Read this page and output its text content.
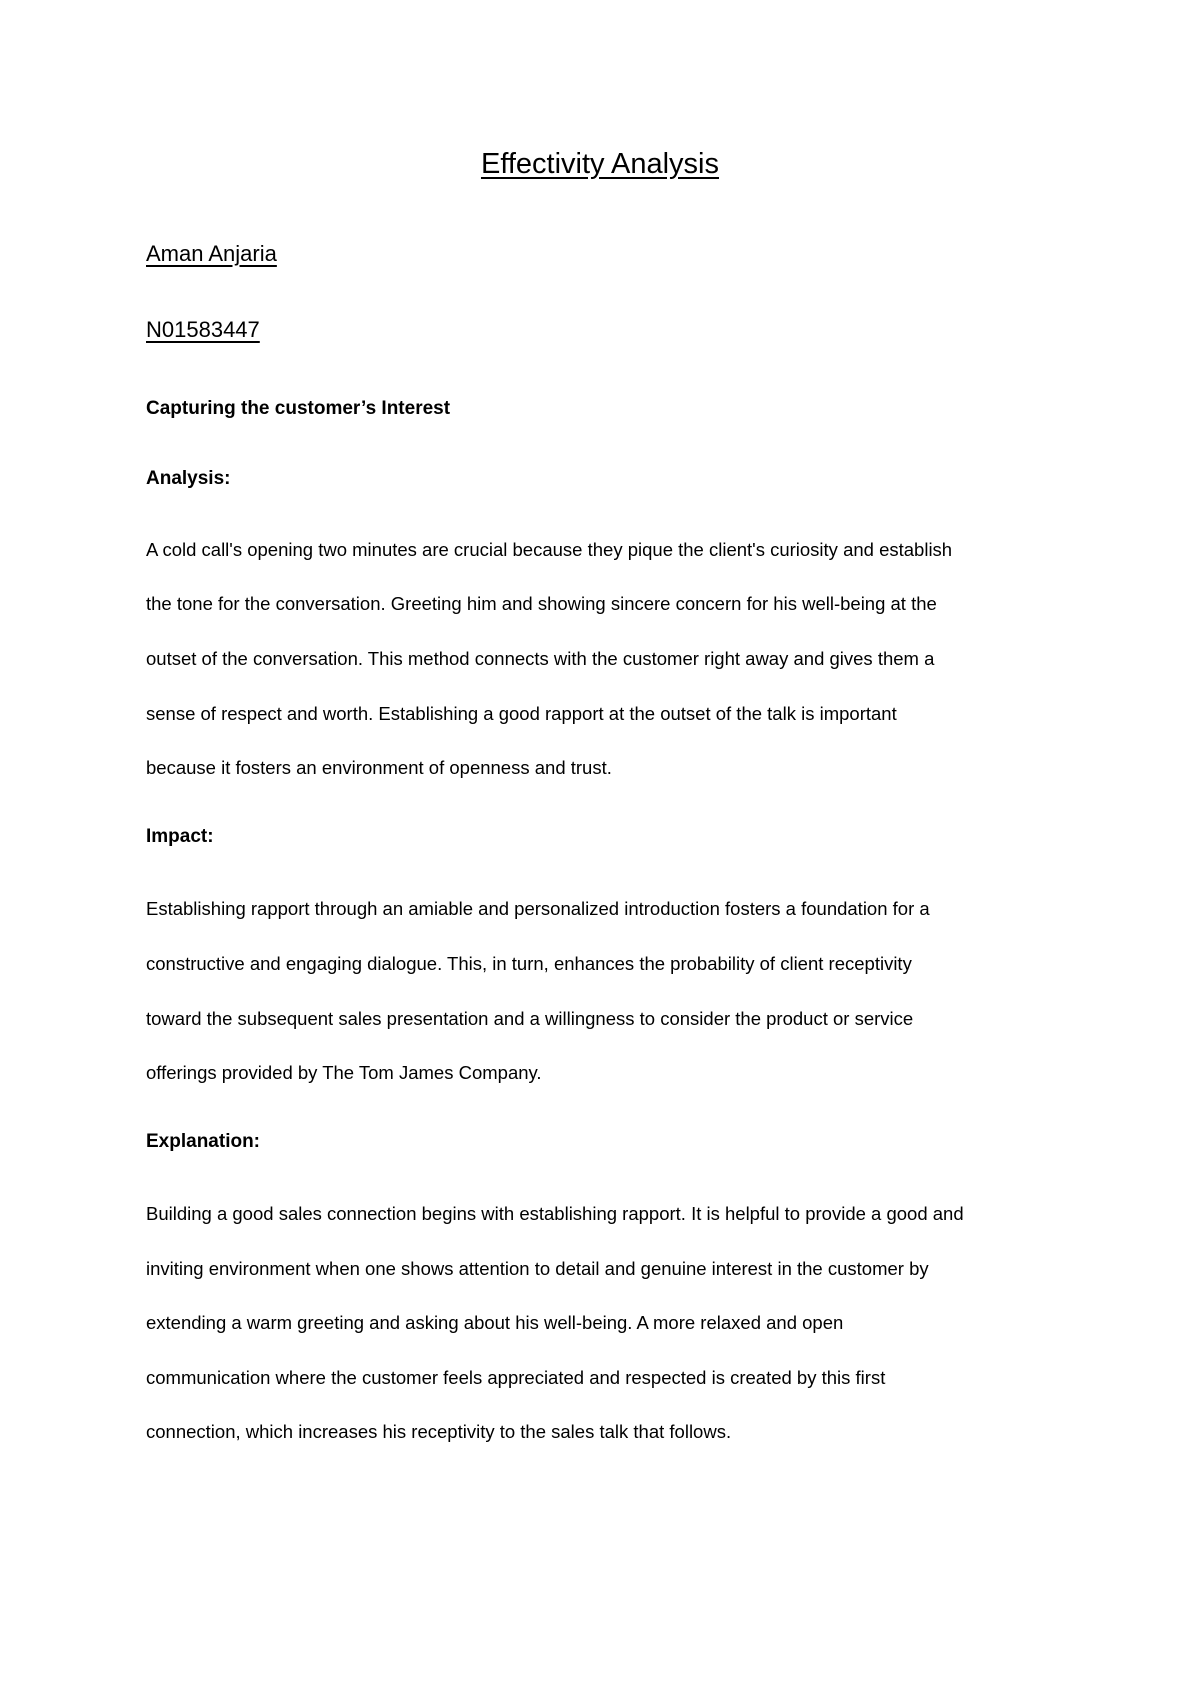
Effectivity Analysis

Aman Anjaria

N01583447

Capturing the customer’s Interest

Analysis:

A cold call's opening two minutes are crucial because they pique the client's curiosity and establish

the tone for the conversation. Greeting him and showing sincere concern for his well-being at the

outset of the conversation. This method connects with the customer right away and gives them a

sense of respect and worth. Establishing a good rapport at the outset of the talk is important

because it fosters an environment of openness and trust.

Impact:

Establishing rapport through an amiable and personalized introduction fosters a foundation for a

constructive and engaging dialogue. This, in turn, enhances the probability of client receptivity

toward the subsequent sales presentation and a willingness to consider the product or service

offerings provided by The Tom James Company.

Explanation:

Building a good sales connection begins with establishing rapport. It is helpful to provide a good and

inviting environment when one shows attention to detail and genuine interest in the customer by

extending a warm greeting and asking about his well-being. A more relaxed and open

communication where the customer feels appreciated and respected is created by this first

connection, which increases his receptivity to the sales talk that follows.
